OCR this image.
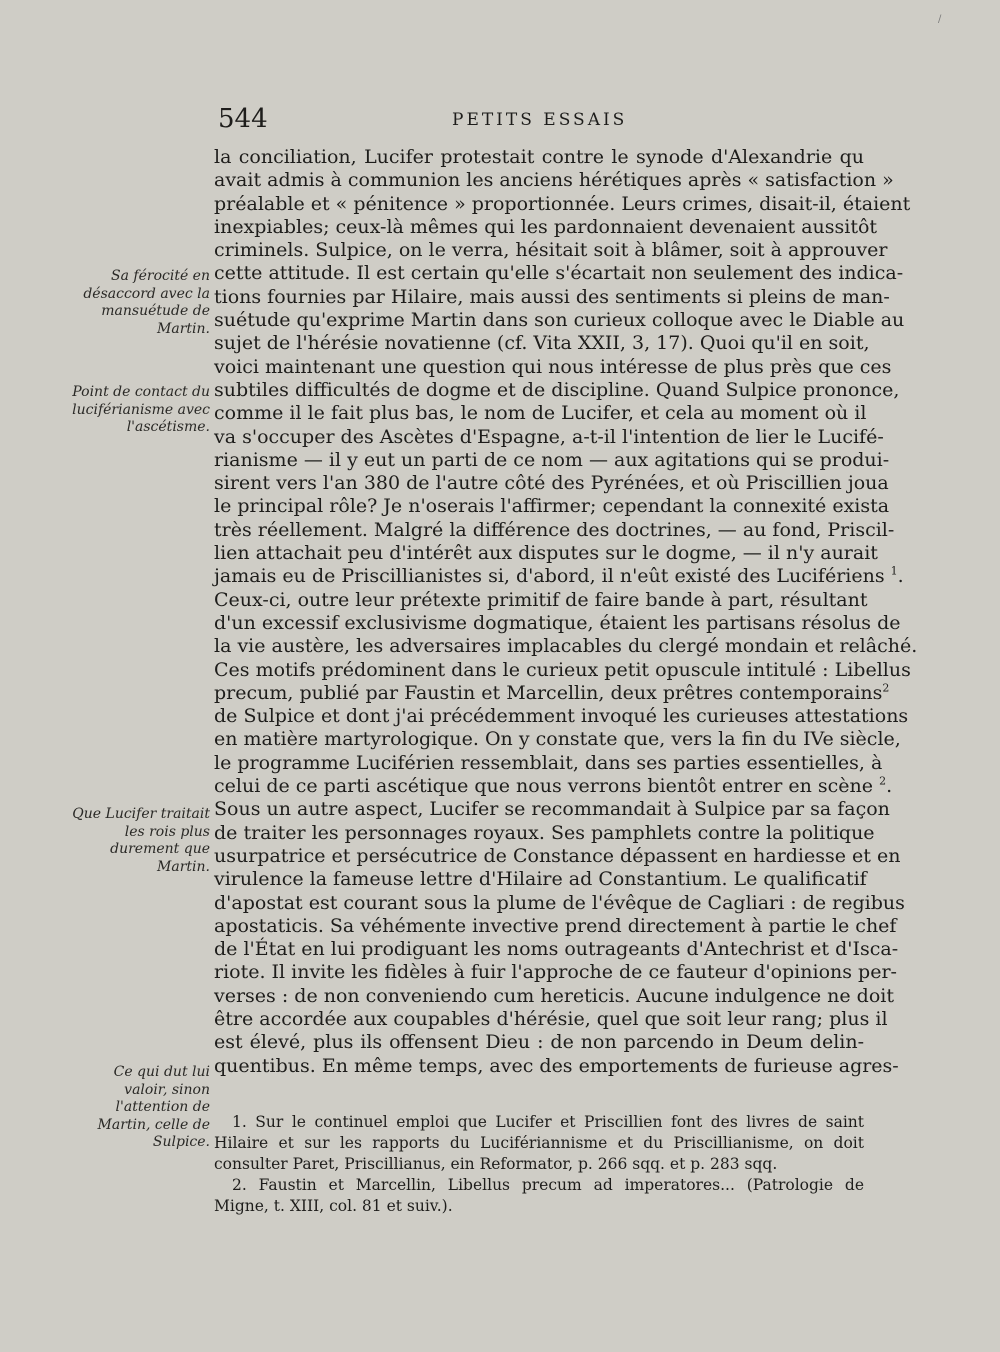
/
544	PETITS ESSAIS
Sa férocité en désaccord avec la mansuétude de Martin.
Point de contact du luciférianisme avec l'ascétisme.
Que Lucifer traitait les rois plus durement que Martin.
Ce qui dut lui valoir, sinon l'attention de Martin, celle de Sulpice.
la conciliation, Lucifer protestait contre le synode d'Alexandrie qu
avait admis à communion les anciens hérétiques après « satisfaction »
préalable et « pénitence » proportionnée. Leurs crimes, disait-il, étaient
inexpiables; ceux-là mêmes qui les pardonnaient devenaient aussitôt
criminels. Sulpice, on le verra, hésitait soit à blâmer, soit à approuver
cette attitude. Il est certain qu'elle s'écartait non seulement des indica-
tions fournies par Hilaire, mais aussi des sentiments si pleins de man-
suétude qu'exprime Martin dans son curieux colloque avec le Diable au
sujet de l'hérésie novatienne (cf. Vita XXII, 3, 17). Quoi qu'il en soit,
voici maintenant une question qui nous intéresse de plus près que ces
subtiles difficultés de dogme et de discipline. Quand Sulpice prononce,
comme il le fait plus bas, le nom de Lucifer, et cela au moment où il
va s'occuper des Ascètes d'Espagne, a-t-il l'intention de lier le Lucifé-
rianisme — il y eut un parti de ce nom — aux agitations qui se produi-
sirent vers l'an 380 de l'autre côté des Pyrénées, et où Priscillien joua
le principal rôle? Je n'oserais l'affirmer; cependant la connexité exista
très réellement. Malgré la différence des doctrines, — au fond, Priscil-
lien attachait peu d'intérêt aux disputes sur le dogme, — il n'y aurait
jamais eu de Priscillianistes si, d'abord, il n'eût existé des Lucifériens $^1$.
Ceux-ci, outre leur prétexte primitif de faire bande à part, résultant
d'un excessif exclusivisme dogmatique, étaient les partisans résolus de
la vie austère, les adversaires implacables du clergé mondain et relâché.
Ces motifs prédominent dans le curieux petit opuscule intitulé : Libellus
precum, publié par Faustin et Marcellin, deux prêtres contemporains$^2$
de Sulpice et dont j'ai précédemment invoqué les curieuses attestations
en matière martyrologique. On y constate que, vers la fin du IVe siècle,
le programme Luciférien ressemblait, dans ses parties essentielles, à
celui de ce parti ascétique que nous verrons bientôt entrer en scène $^2$.
Sous un autre aspect, Lucifer se recommandait à Sulpice par sa façon
de traiter les personnages royaux. Ses pamphlets contre la politique
usurpatrice et persécutrice de Constance dépassent en hardiesse et en
virulence la fameuse lettre d'Hilaire ad Constantium. Le qualificatif
d'apostat est courant sous la plume de l'évêque de Cagliari : de regibus
apostaticis. Sa véhémente invective prend directement à partie le chef
de l'État en lui prodiguant les noms outrageants d'Antechrist et d'Isca-
riote. Il invite les fidèles à fuir l'approche de ce fauteur d'opinions per-
verses : de non conveniendo cum hereticis. Aucune indulgence ne doit
être accordée aux coupables d'hérésie, quel que soit leur rang; plus il
est élevé, plus ils offensent Dieu : de non parcendo in Deum delin-
quentibus. En même temps, avec des emportements de furieuse agres-
1. Sur le continuel emploi que Lucifer et Priscillien font des livres de saint
Hilaire et sur les rapports du Lucifériannisme et du Priscillianisme, on doit
consulter Paret, Priscillianus, ein Reformator, p. 266 sqq. et p. 283 sqq.
2. Faustin et Marcellin, Libellus precum ad imperatores... (Patrologie de
Migne, t. XIII, col. 81 et suiv.).
